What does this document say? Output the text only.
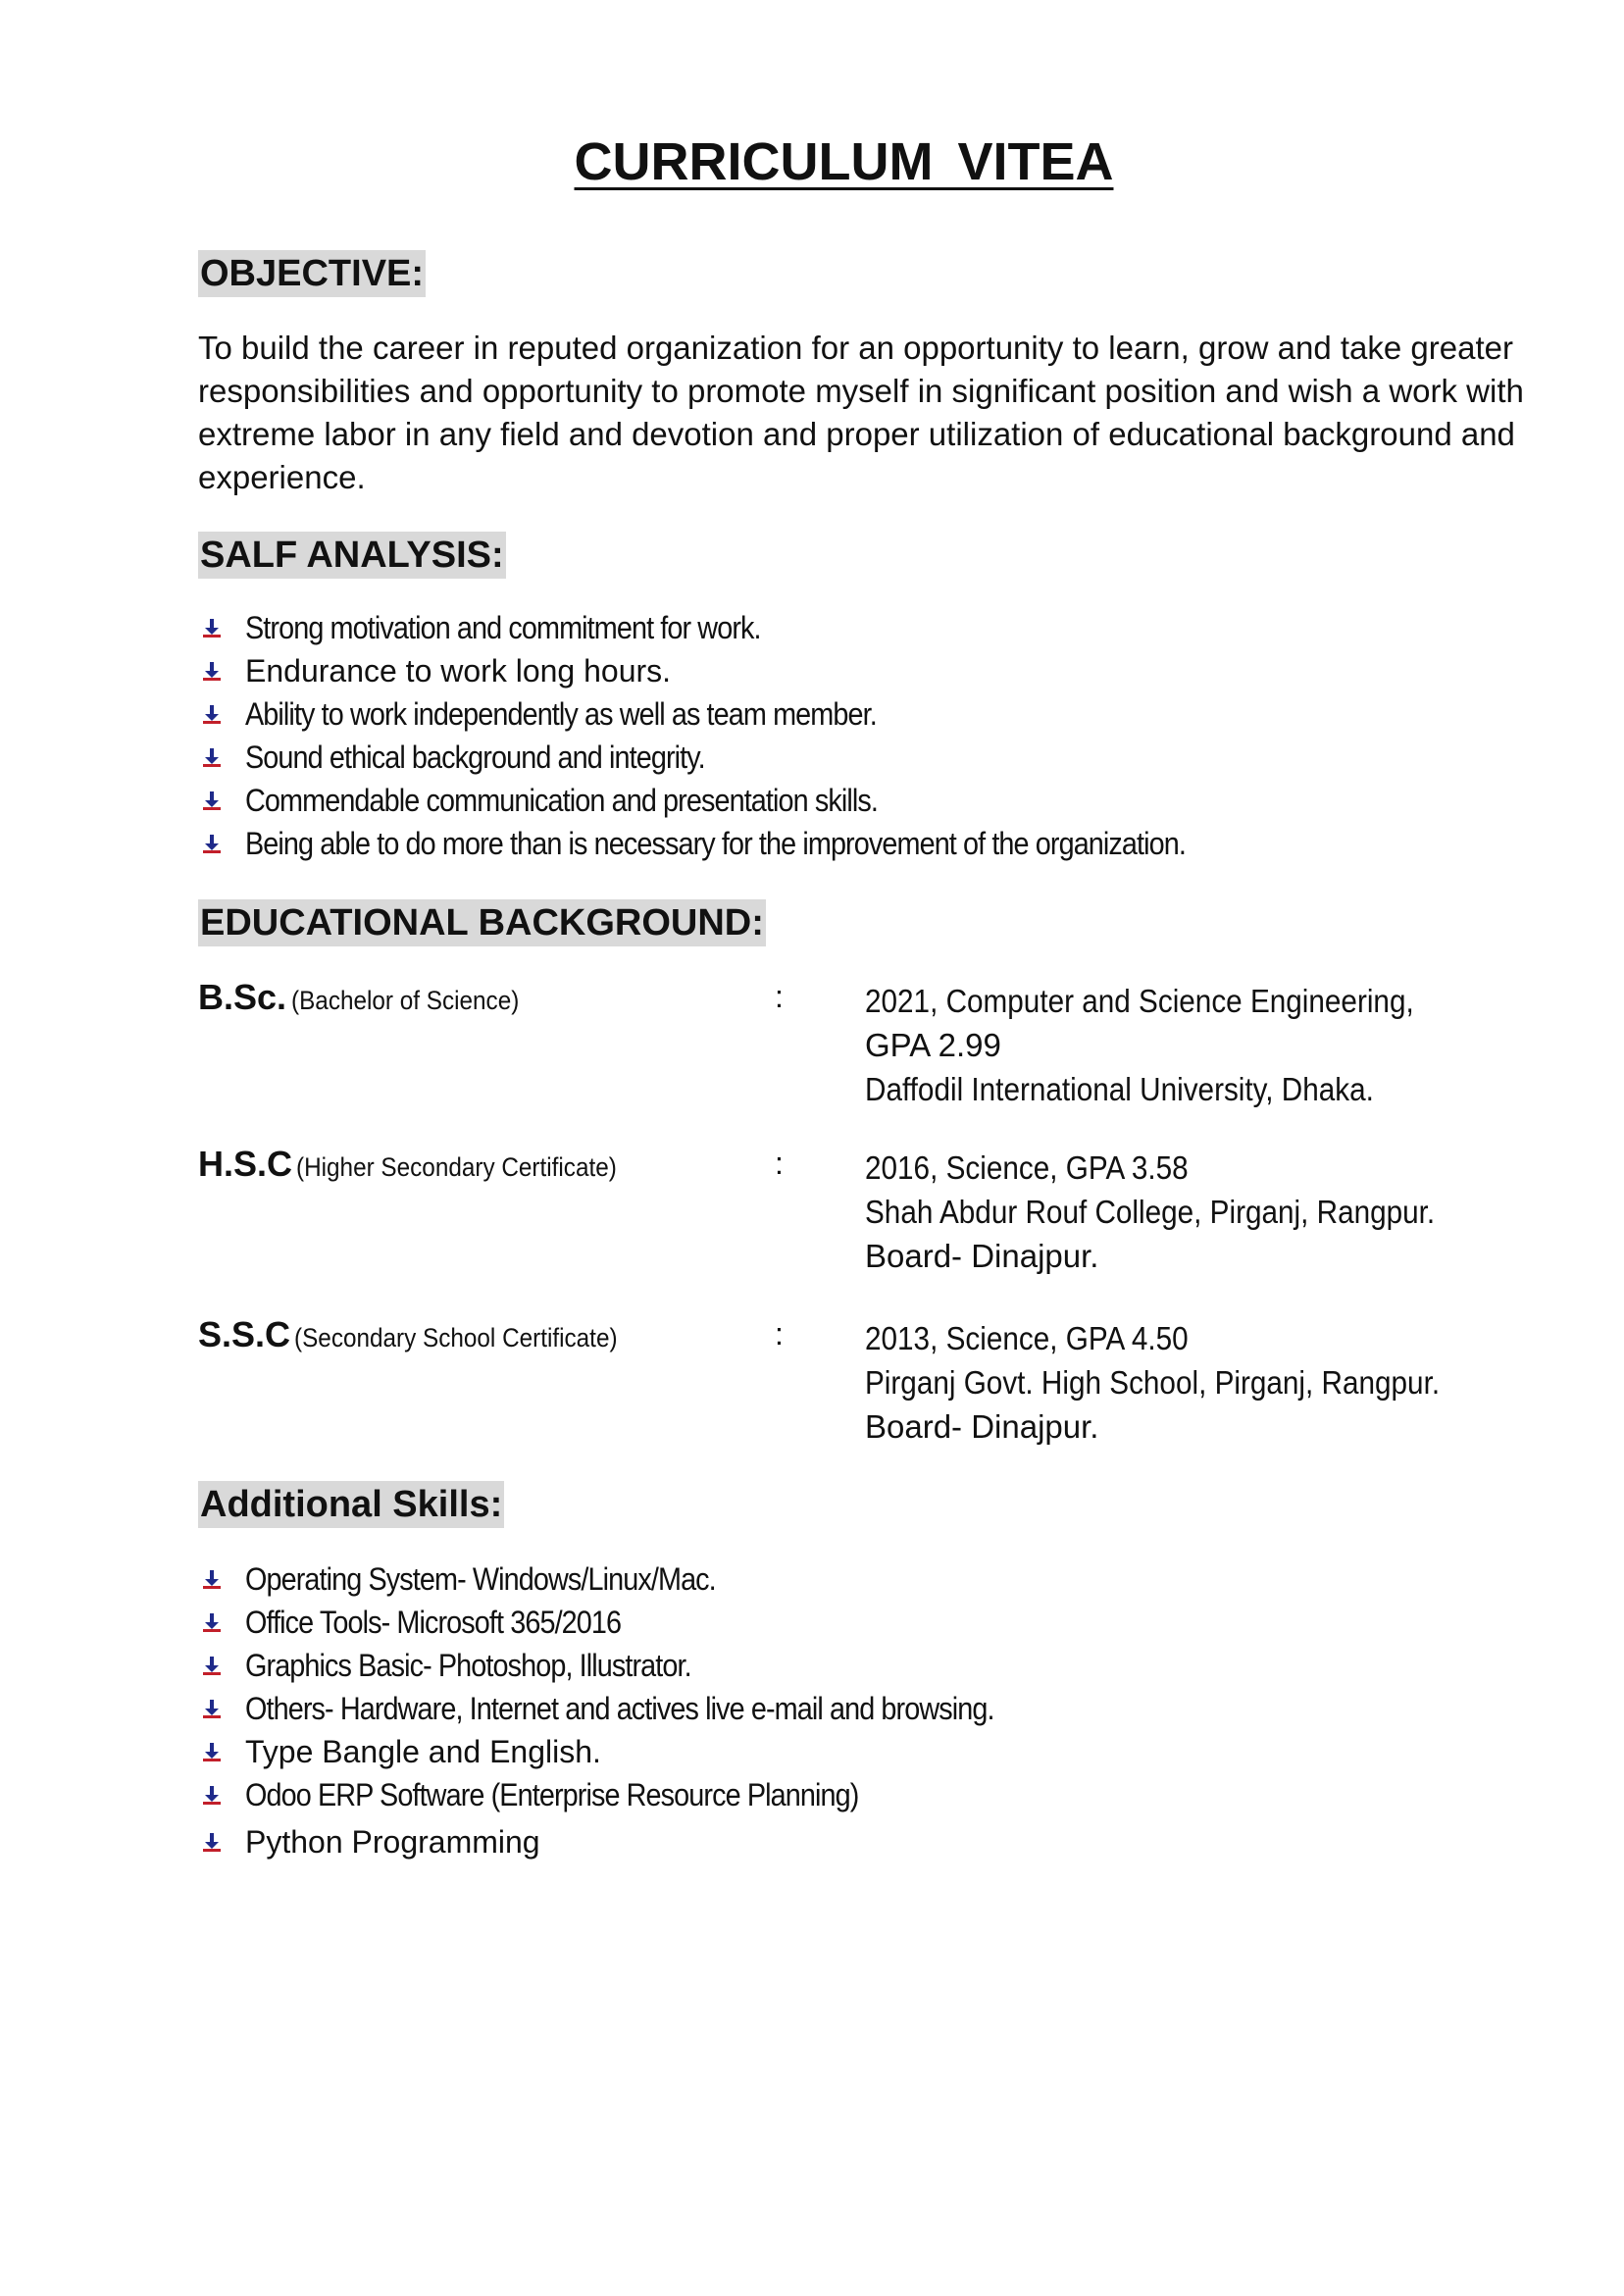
CURRICULUM VITEA
OBJECTIVE:

To build the career in reputed organization for an opportunity to learn, grow and take greater responsibilities and opportunity to promote myself in significant position and wish a work with extreme labor in any field and devotion and proper utilization of educational background and experience.

SALF ANALYSIS:
Strong motivation and commitment for work.
Endurance to work long hours.
Ability to work independently as well as team member.
Sound ethical background and integrity.
Commendable communication and presentation skills.
Being able to do more than is necessary for the improvement of the organization.
EDUCATIONAL BACKGROUND:
B.Sc. (Bachelor of Science)	:	2021, Computer and Science Engineering,
GPA 2.99
Daffodil International University, Dhaka.
H.S.C (Higher Secondary Certificate)	:	2016, Science, GPA 3.58
Shah Abdur Rouf College, Pirganj, Rangpur.
Board- Dinajpur.
S.S.C (Secondary School Certificate)	:	2013, Science, GPA 4.50
Pirganj Govt. High School, Pirganj, Rangpur.
Board- Dinajpur.
Additional Skills:
Operating System- Windows/Linux/Mac.
Office Tools- Microsoft 365/2016
Graphics Basic- Photoshop, Illustrator.
Others- Hardware, Internet and actives live e-mail and browsing.
Type Bangle and English.
Odoo ERP Software (Enterprise Resource Planning)
Python Programming
